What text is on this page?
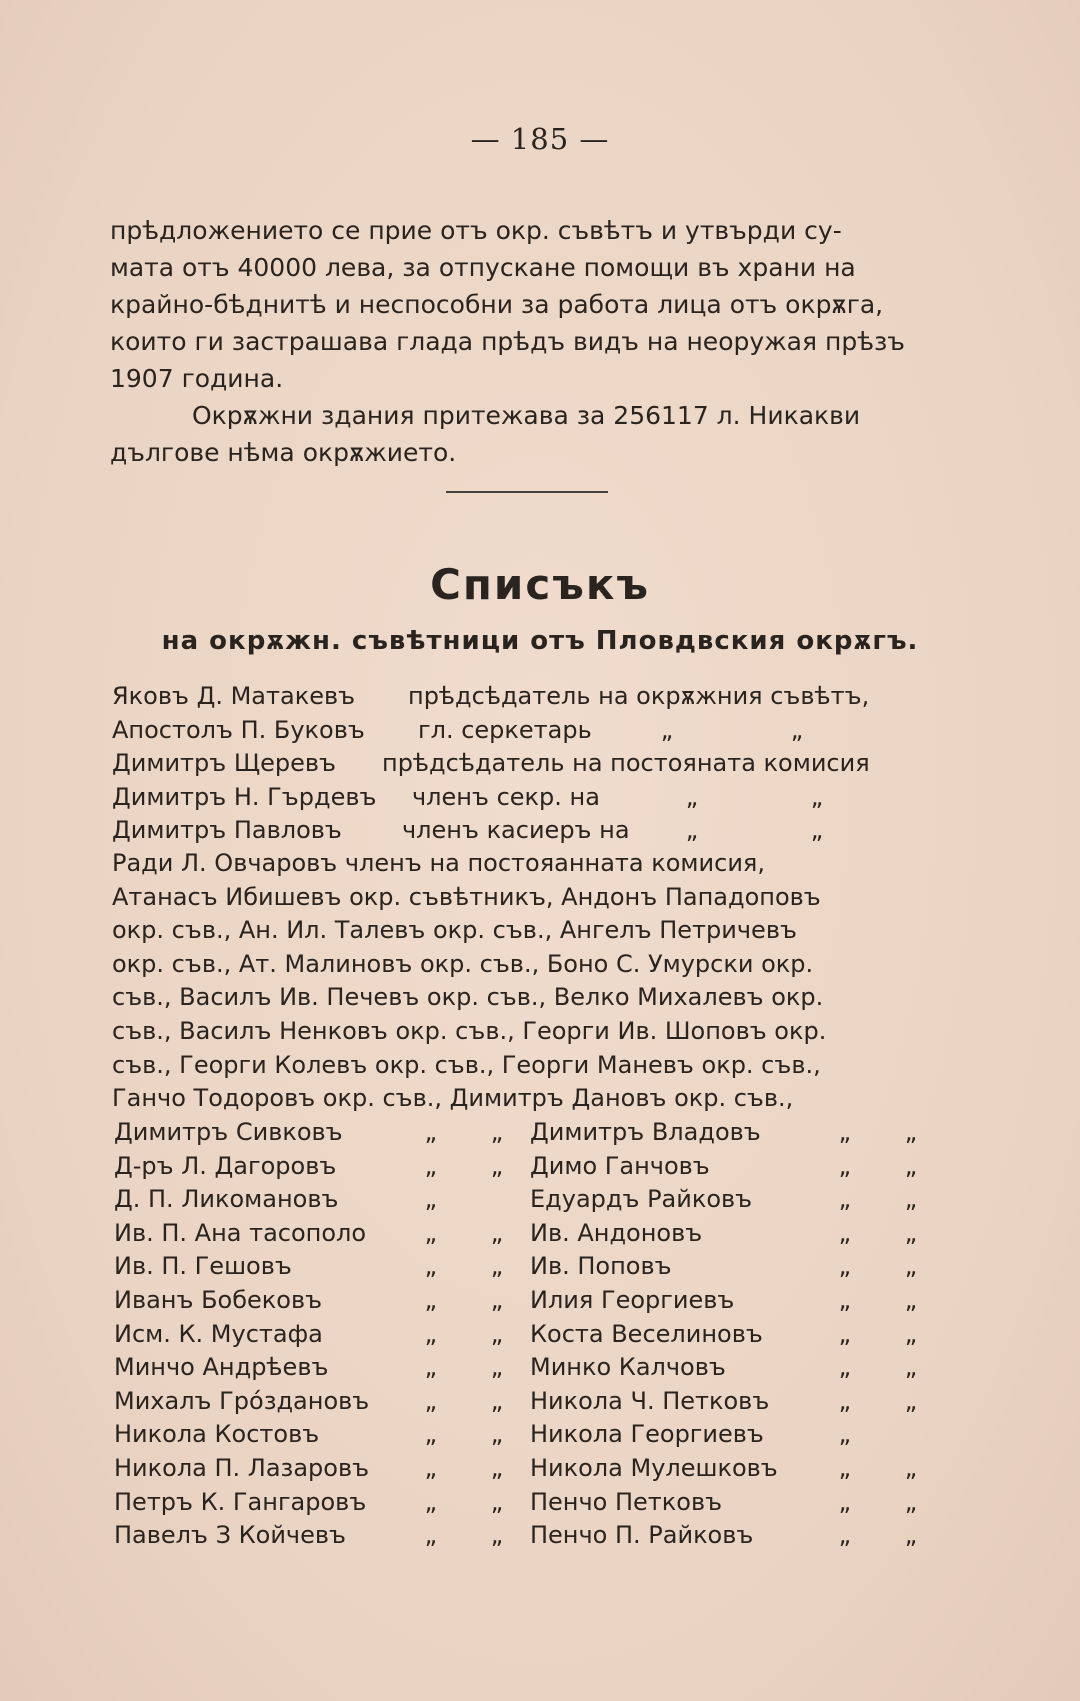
— 185 —
прѣдложението се прие отъ окр. съвѣтъ и утвърди су-
мата отъ 40000 лева, за отпускане помощи въ храни на
крайно-бѣднитѣ и неспособни за работа лица отъ окрѫга,
които ги застрашава глада прѣдъ видъ на неоружая прѣзъ
1907 година.
Окрѫжни здания притежава за 256117 л. Никакви
дългове нѣма окрѫжието.
Списъкъ
на окрѫжн. съвѣтници отъ Пловдвския окрѫгъ.
Яковъ Д. Матакевъ	прѣдсѣдатель на окрѫжния съвѣтъ,
Апостолъ П. Буковъ	гл. серкетарь	„	„
Димитръ Щеревъ	прѣдсѣдатель на постояната комисия
Димитръ Н. Гърдевъ	членъ секр. на	„	„
Димитръ Павловъ	членъ касиеръ на	„	„
Ради Л. Овчаровъ членъ на постояанната комисия,
Атанасъ Ибишевъ окр. съвѣтникъ, Андонъ Пападоповъ
окр. съв., Ан. Ил. Талевъ окр. съв., Ангелъ Петричевъ
окр. съв., Ат. Малиновъ окр. съв., Боно С. Умурски окр.
съв., Василъ Ив. Печевъ окр. съв., Велко Михалевъ окр.
съв., Василъ Ненковъ окр. съв., Георги Ив. Шоповъ окр.
съв., Георги Колевъ окр. съв., Георги Маневъ окр. съв.,
Ганчо Тодоровъ окр. съв., Димитръ Дановъ окр. съв.,
Димитръ Сивковъ	„	„	Димитръ Владовъ	„	„
Д-ръ Л. Дагоровъ	„	„	Димо Ганчовъ	„	„
Д. П. Ликомановъ	„	Едуардъ Райковъ	„	„
Ив. П. Ана тасополо	„	„	Ив. Андоновъ	„	„
Ив. П. Гешовъ	„	„	Ив. Поповъ	„	„
Иванъ Бобековъ	„	„	Илия Георгиевъ	„	„
Исм. К. Мустафа	„	„	Коста Веселиновъ	„	„
Минчо Андрѣевъ	„	„	Минко Калчовъ	„	„
Михалъ Грóздановъ	„	„	Никола Ч. Петковъ	„	„
Никола Костовъ	„	„	Никола Георгиевъ	„
Никола П. Лазаровъ	„	„	Никола Мулешковъ	„	„
Петръ К. Гангаровъ	„	„	Пенчо Петковъ	„	„
Павелъ З Койчевъ	„	„	Пенчо П. Райковъ	„	„
